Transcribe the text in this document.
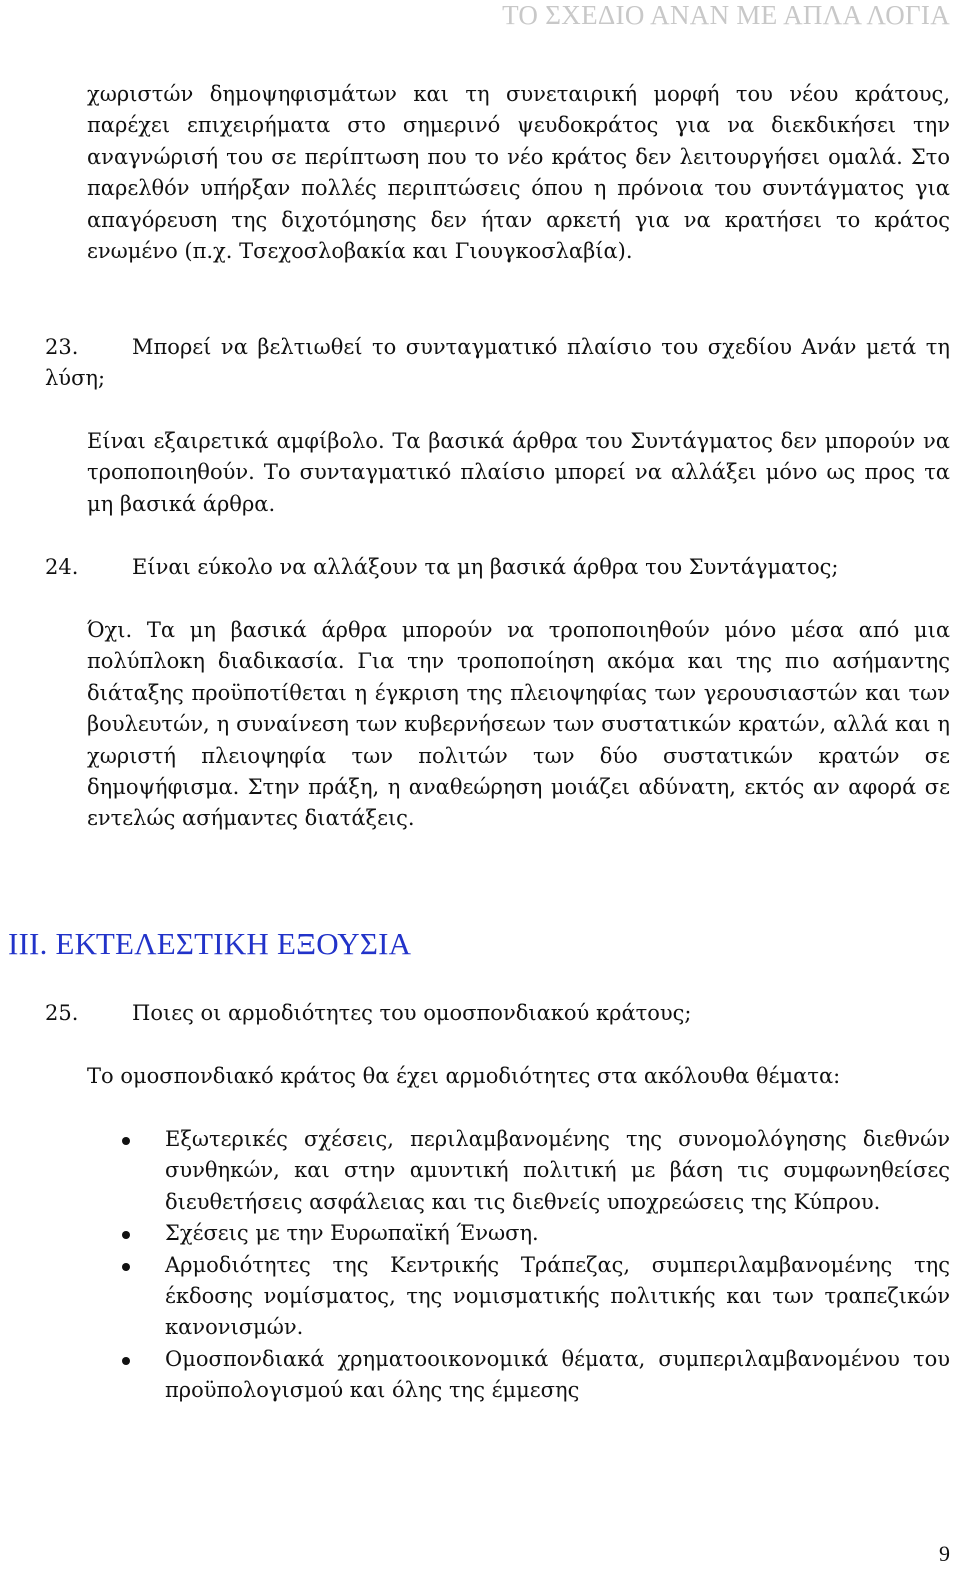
ΤΟ ΣΧΕΔΙΟ ΑΝΑΝ ΜΕ ΑΠΛΑ ΛΟΓΙΑ

χωριστών δημοψηφισμάτων και τη συνεταιρική μορφή του νέου κράτους, παρέχει επιχειρήματα στο σημερινό ψευδοκράτος για να διεκδικήσει την αναγνώρισή του σε περίπτωση που το νέο κράτος δεν λειτουργήσει ομαλά. Στο παρελθόν υπήρξαν πολλές περιπτώσεις όπου η πρόνοια του συντάγματος για απαγόρευση της διχοτόμησης δεν ήταν αρκετή για να κρατήσει το κράτος ενωμένο (π.χ. Τσεχοσλοβακία και Γιουγκοσλαβία).

23.	Μπορεί να βελτιωθεί το συνταγματικό πλαίσιο του σχεδίου Ανάν μετά τη λύση;

Είναι εξαιρετικά αμφίβολο. Τα βασικά άρθρα του Συντάγματος δεν μπορούν να τροποποιηθούν. Το συνταγματικό πλαίσιο μπορεί να αλλάξει μόνο ως προς τα μη βασικά άρθρα.

24.	Είναι εύκολο να αλλάξουν τα μη βασικά άρθρα του Συντάγματος;

Όχι. Τα μη βασικά άρθρα μπορούν να τροποποιηθούν μόνο μέσα από μια πολύπλοκη διαδικασία. Για την τροποποίηση ακόμα και της πιο ασήμαντης διάταξης προϋποτίθεται η έγκριση της πλειοψηφίας των γερουσιαστών και των βουλευτών, η συναίνεση των κυβερνήσεων των συστατικών κρατών, αλλά και η χωριστή πλειοψηφία των πολιτών των δύο συστατικών κρατών σε δημοψήφισμα. Στην πράξη, η αναθεώρηση μοιάζει αδύνατη, εκτός αν αφορά σε εντελώς ασήμαντες διατάξεις.

ΙΙΙ. ΕΚΤΕΛΕΣΤΙΚΗ ΕΞΟΥΣΙΑ
25.	Ποιες οι αρμοδιότητες του ομοσπονδιακού κράτους;

Το ομοσπονδιακό κράτος θα έχει αρμοδιότητες στα ακόλουθα θέματα:

Εξωτερικές σχέσεις, περιλαμβανομένης της συνομολόγησης διεθνών συνθηκών, και στην αμυντική πολιτική με βάση τις συμφωνηθείσες διευθετήσεις ασφάλειας και τις διεθνείς υποχρεώσεις της Κύπρου.
Σχέσεις με την Ευρωπαϊκή Ένωση.
Αρμοδιότητες της Κεντρικής Τράπεζας, συμπεριλαμβανομένης της έκδοσης νομίσματος, της νομισματικής πολιτικής και των τραπεζικών κανονισμών.
Ομοσπονδιακά χρηματοοικονομικά θέματα, συμπεριλαμβανομένου του προϋπολογισμού και όλης της έμμεσης
9
